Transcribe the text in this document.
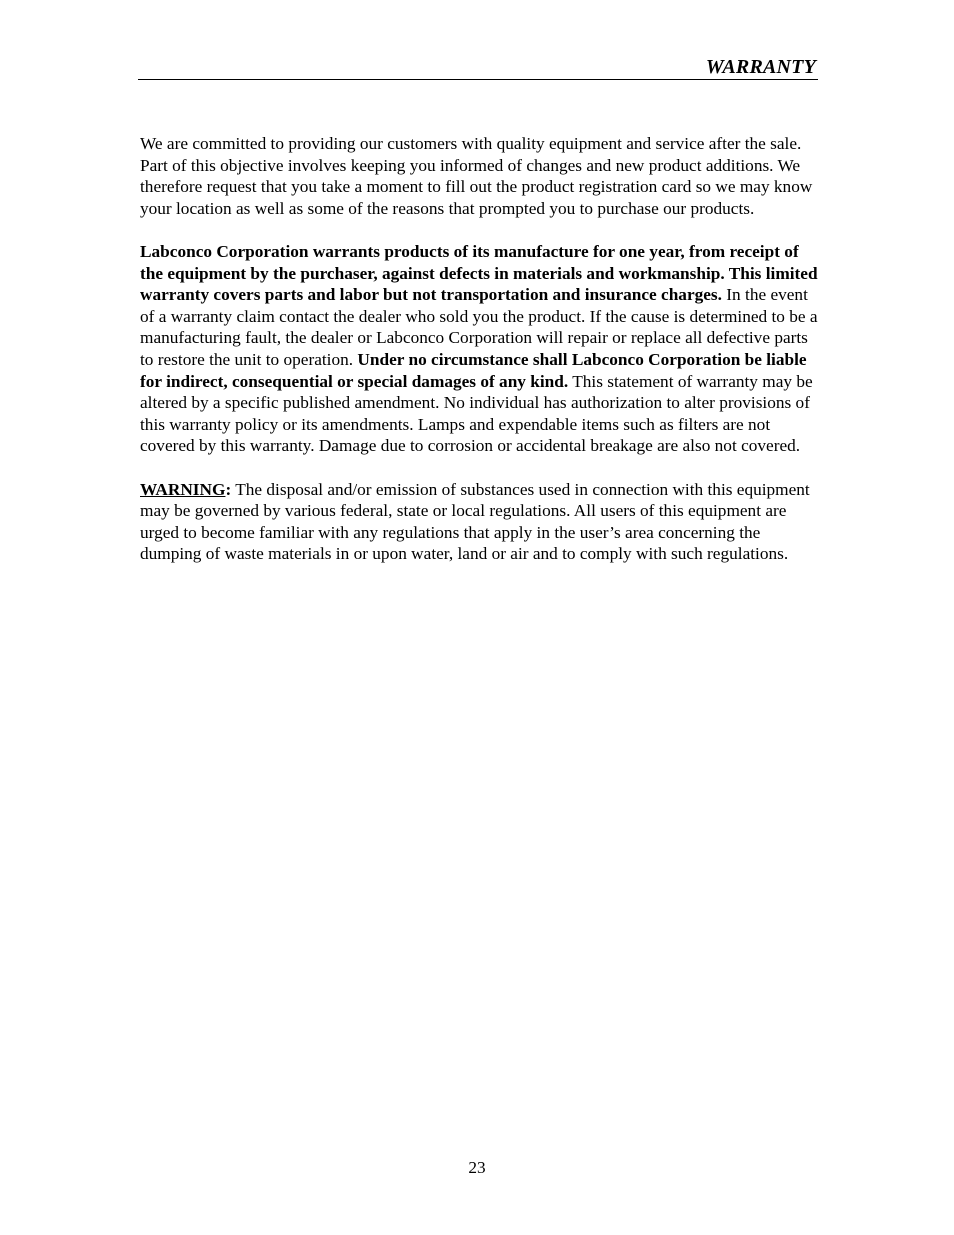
WARRANTY

We are committed to providing our customers with quality equipment and service after the sale. Part of this objective involves keeping you informed of changes and new product additions. We therefore request that you take a moment to fill out the product registration card so we may know your location as well as some of the reasons that prompted you to purchase our products.

Labconco Corporation warrants products of its manufacture for one year, from receipt of the equipment by the purchaser, against defects in materials and workmanship. This limited warranty covers parts and labor but not transportation and insurance charges. In the event of a warranty claim contact the dealer who sold you the product. If the cause is determined to be a manufacturing fault, the dealer or Labconco Corporation will repair or replace all defective parts to restore the unit to operation. Under no circumstance shall Labconco Corporation be liable for indirect, consequential or special damages of any kind. This statement of warranty may be altered by a specific published amendment. No individual has authorization to alter provisions of this warranty policy or its amendments. Lamps and expendable items such as filters are not covered by this warranty. Damage due to corrosion or accidental breakage are also not covered.

WARNING: The disposal and/or emission of substances used in connection with this equipment may be governed by various federal, state or local regulations. All users of this equipment are urged to become familiar with any regulations that apply in the user’s area concerning the dumping of waste materials in or upon water, land or air and to comply with such regulations.

23
